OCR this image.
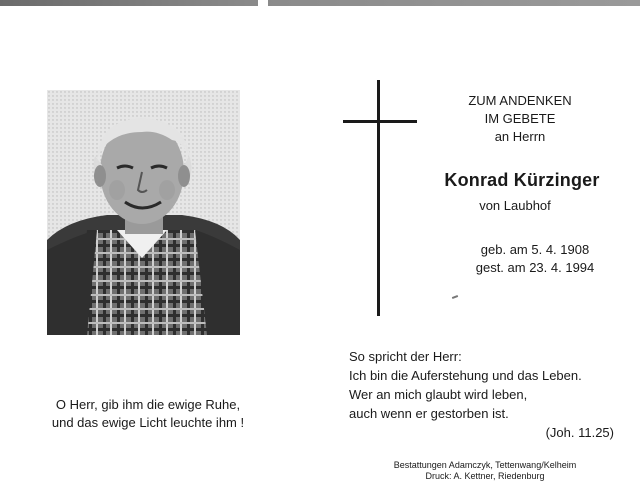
ZUM ANDENKEN
IM GEBETE
an Herrn
Konrad Kürzinger
von Laubhof
geb. am 5. 4. 1908
gest. am 23. 4. 1994
O Herr, gib ihm die ewige Ruhe,
und das ewige Licht leuchte ihm !
So spricht der Herr:
Ich bin die Auferstehung und das Leben.
Wer an mich glaubt wird leben,
auch wenn er gestorben ist.
(Joh. 11.25)
Bestattungen Adamczyk, Tettenwang/Kelheim
Druck: A. Kettner, Riedenburg
